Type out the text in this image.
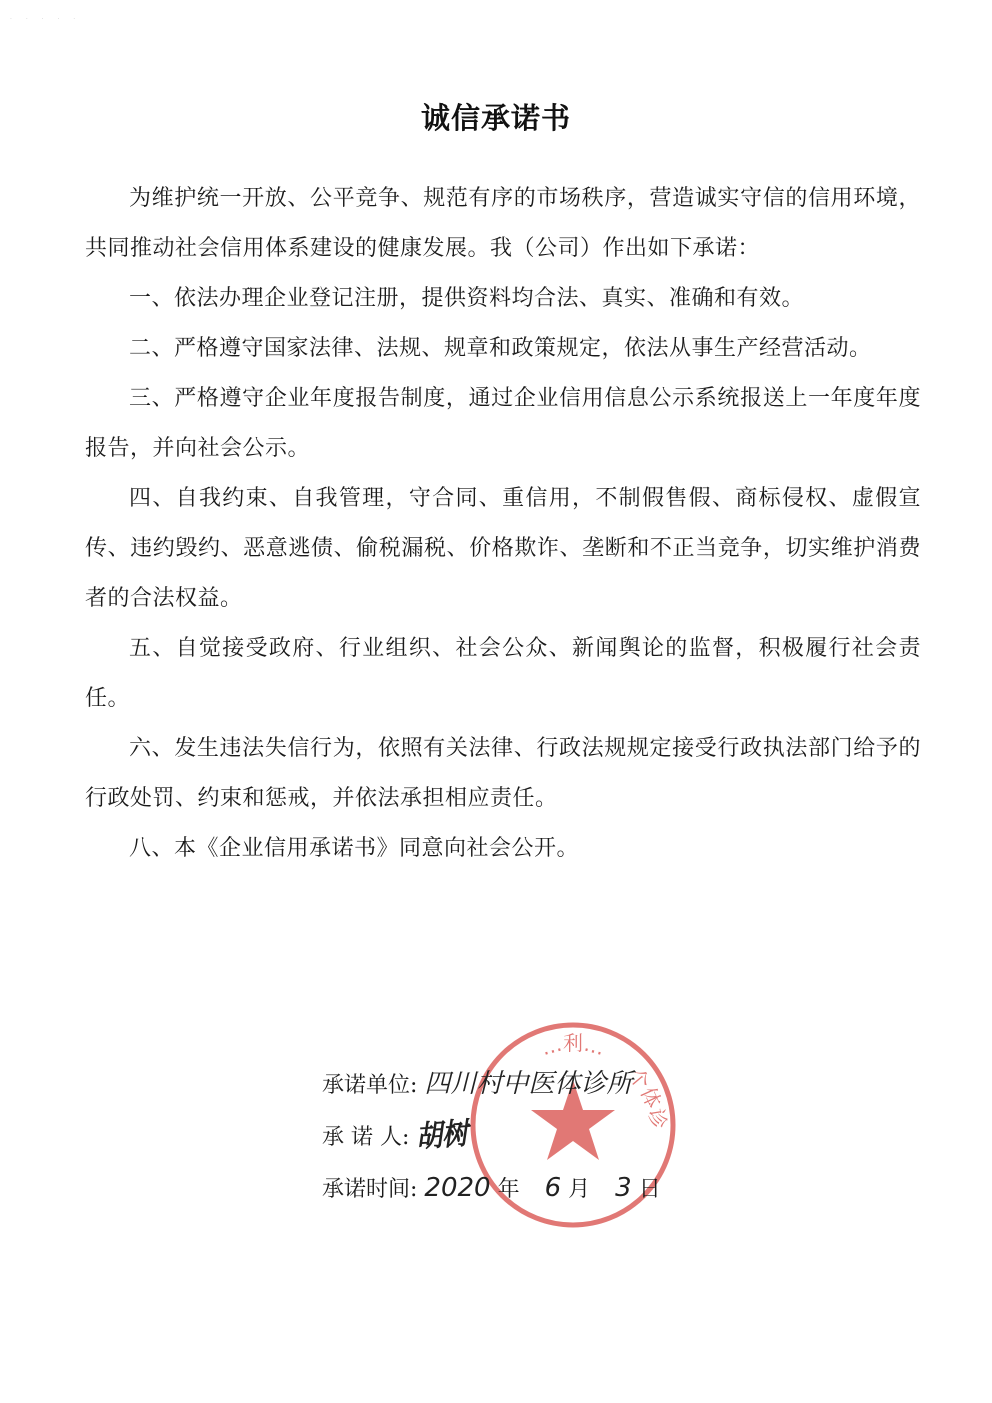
. . . . .
诚信承诺书

为维护统一开放、公平竞争、规范有序的市场秩序，营造诚实守信的信用环境，共同推动社会信用体系建设的健康发展。我（公司）作出如下承诺：

一、依法办理企业登记注册，提供资料均合法、真实、准确和有效。

二、严格遵守国家法律、法规、规章和政策规定，依法从事生产经营活动。

三、严格遵守企业年度报告制度，通过企业信用信息公示系统报送上一年度年度报告，并向社会公示。

四、自我约束、自我管理，守合同、重信用，不制假售假、商标侵权、虚假宣传、违约毁约、恶意逃债、偷税漏税、价格欺诈、垄断和不正当竞争，切实维护消费者的合法权益。

五、自觉接受政府、行业组织、社会公众、新闻舆论的监督，积极履行社会责任。

六、发生违法失信行为，依照有关法律、行政法规规定接受行政执法部门给予的行政处罚、约束和惩戒，并依法承担相应责任。

八、本《企业信用承诺书》同意向社会公开。

…利…
个体诊
承诺单位: 四川村中医体诊所
承 诺 人: 胡树
承诺时间: 2020 年 6 月 3 日
